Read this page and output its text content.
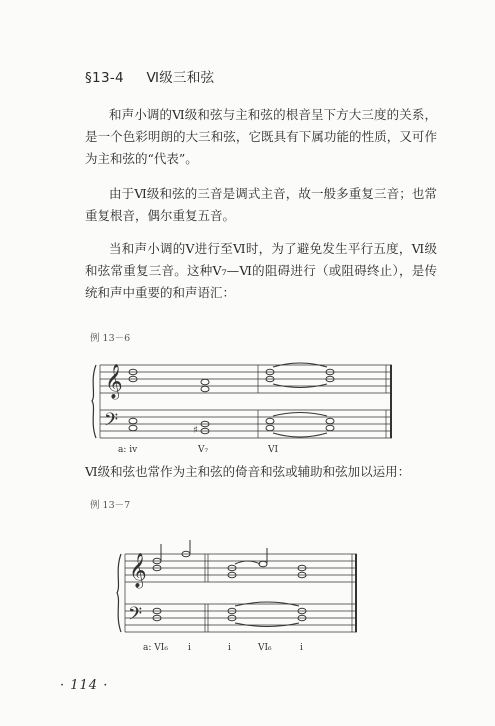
§13-4 Ⅵ级三和弦

和声小调的Ⅵ级和弦与主和弦的根音呈下方大三度的关系，是一个色彩明朗的大三和弦，它既具有下属功能的性质，又可作为主和弦的“代表”。

由于Ⅵ级和弦的三音是调式主音，故一般多重复三音；也常重复根音，偶尔重复五音。

当和声小调的Ⅴ进行至Ⅵ时，为了避免发生平行五度，Ⅵ级和弦常重复三音。这种V₇—Ⅵ的阻碍进行（或阻碍终止），是传统和声中重要的和声语汇：

例 13－6
𝄞
𝄢	♯
a: iv	V₇	VI

Ⅵ级和弦也常作为主和弦的倚音和弦或辅助和弦加以运用：

例 13－7
𝄞
𝄢
a: VI₆ i	i	VI₆	i
· 114 ·
